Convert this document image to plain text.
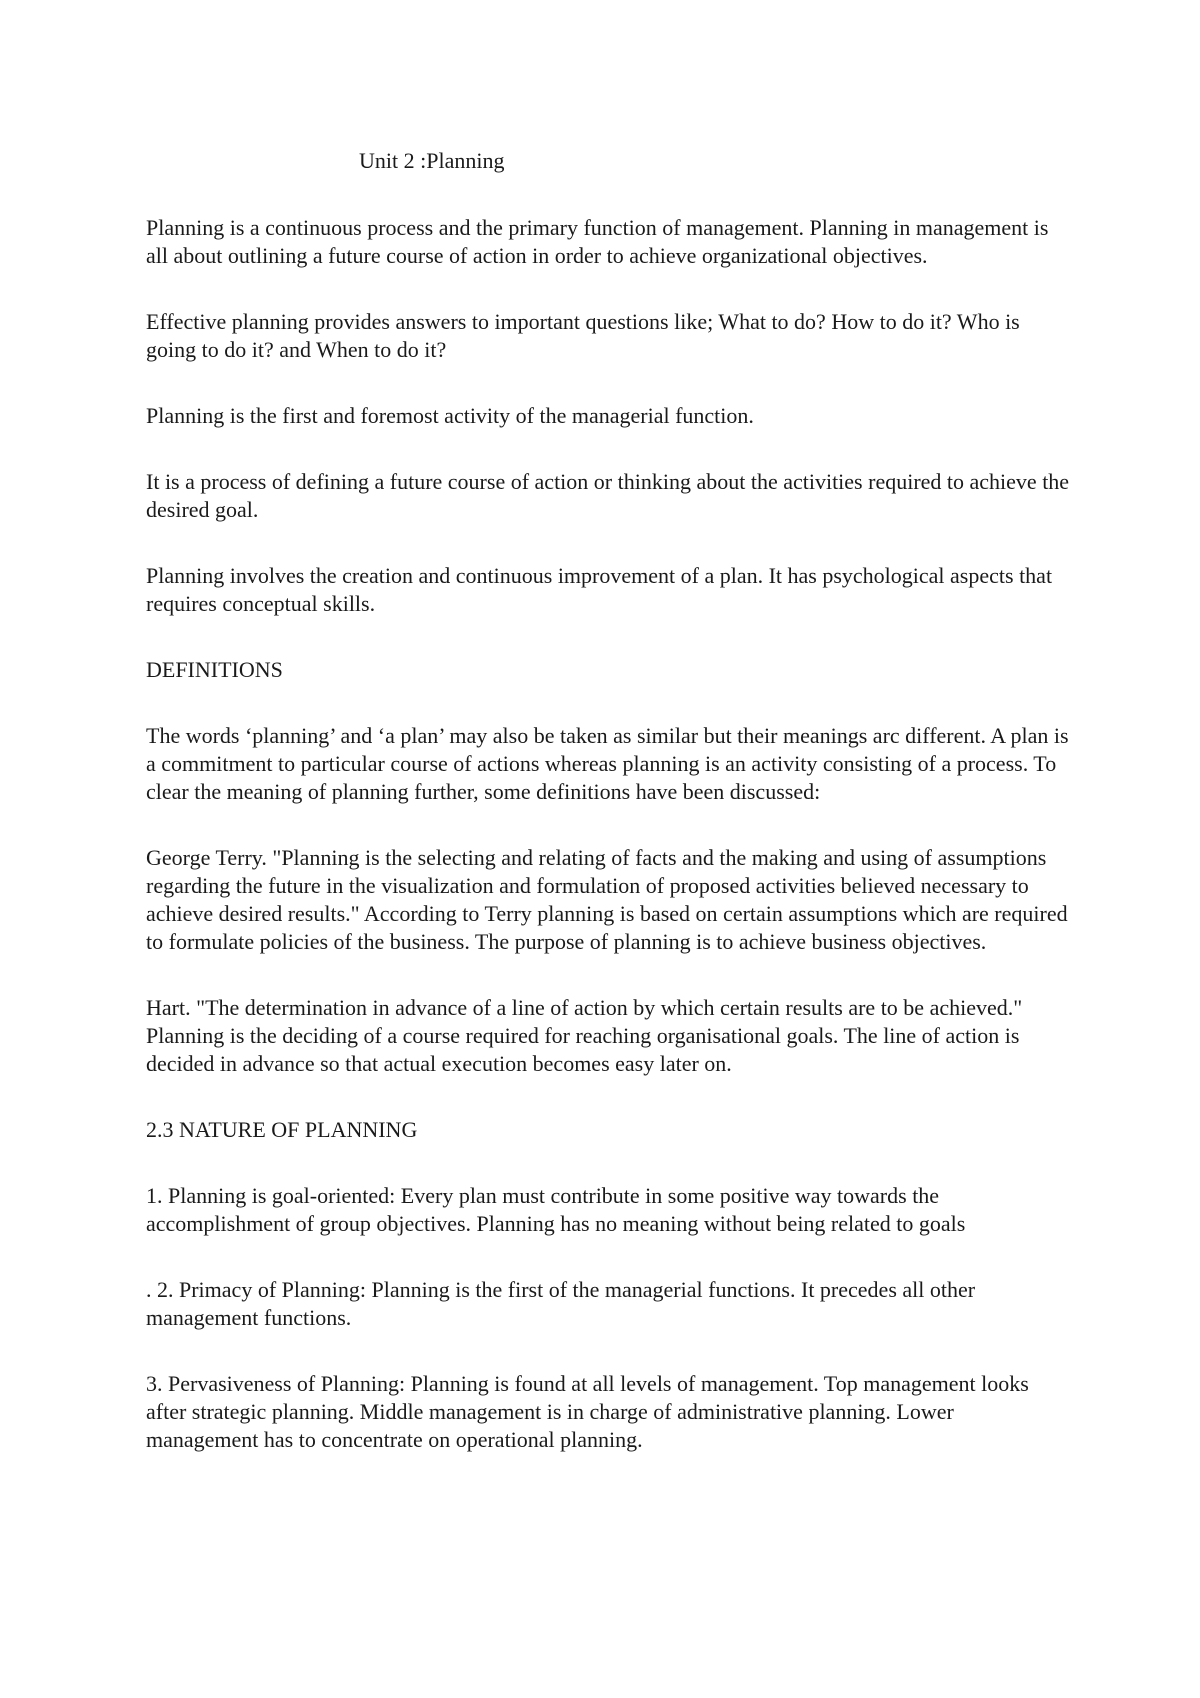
Unit 2 :Planning

Planning is a continuous process and the primary function of management. Planning in management is all about outlining a future course of action in order to achieve organizational objectives.

Effective planning provides answers to important questions like; What to do? How to do it? Who is going to do it? and When to do it?

Planning is the first and foremost activity of the managerial function.

It is a process of defining a future course of action or thinking about the activities required to achieve the desired goal.

Planning involves the creation and continuous improvement of a plan. It has psychological aspects that requires conceptual skills.

DEFINITIONS

The words ‘planning’ and ‘a plan’ may also be taken as similar but their meanings arc different. A plan is a commitment to particular course of actions whereas planning is an activity consisting of a process. To clear the meaning of planning further, some definitions have been discussed:

George Terry. "Planning is the selecting and relating of facts and the making and using of assumptions regarding the future in the visualization and formulation of proposed activities believed necessary to achieve desired results." According to Terry planning is based on certain assumptions which are required to formulate policies of the business. The purpose of planning is to achieve business objectives.

Hart. "The determination in advance of a line of action by which certain results are to be achieved." Planning is the deciding of a course required for reaching organisational goals. The line of action is decided in advance so that actual execution becomes easy later on.

2.3 NATURE OF PLANNING

1. Planning is goal-oriented: Every plan must contribute in some positive way towards the accomplishment of group objectives. Planning has no meaning without being related to goals

. 2. Primacy of Planning: Planning is the first of the managerial functions. It precedes all other management functions.

3. Pervasiveness of Planning: Planning is found at all levels of management. Top management looks after strategic planning. Middle management is in charge of administrative planning. Lower management has to concentrate on operational planning.
